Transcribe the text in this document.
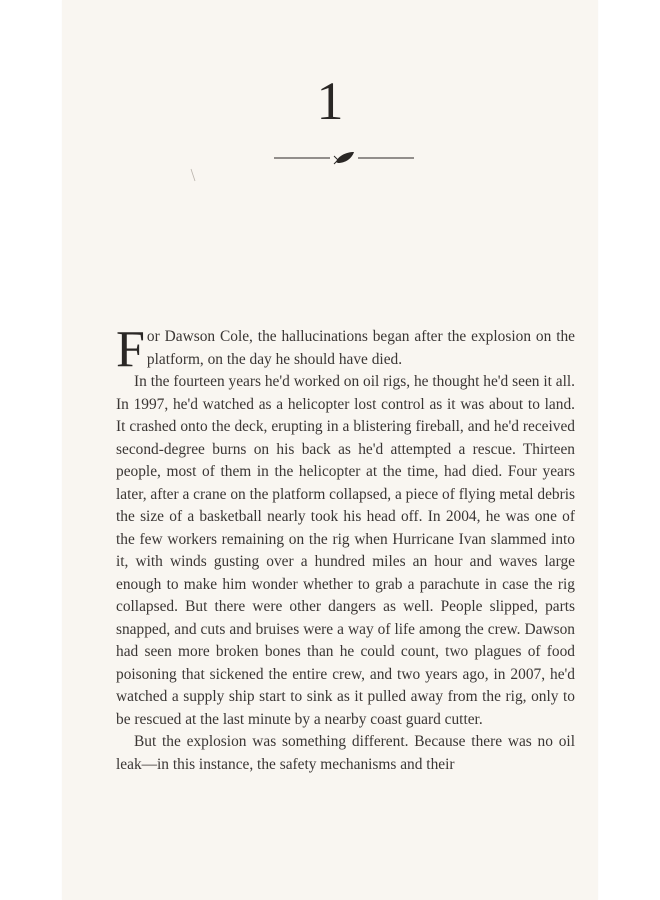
1

For Dawson Cole, the hallucinations began after the explosion on the platform, on the day he should have died.

In the fourteen years he'd worked on oil rigs, he thought he'd seen it all. In 1997, he'd watched as a helicopter lost control as it was about to land. It crashed onto the deck, erupting in a blistering fireball, and he'd received second-degree burns on his back as he'd attempted a rescue. Thirteen people, most of them in the helicopter at the time, had died. Four years later, after a crane on the platform collapsed, a piece of flying metal debris the size of a basketball nearly took his head off. In 2004, he was one of the few workers remaining on the rig when Hurricane Ivan slammed into it, with winds gusting over a hundred miles an hour and waves large enough to make him wonder whether to grab a parachute in case the rig collapsed. But there were other dangers as well. People slipped, parts snapped, and cuts and bruises were a way of life among the crew. Dawson had seen more broken bones than he could count, two plagues of food poisoning that sickened the entire crew, and two years ago, in 2007, he'd watched a supply ship start to sink as it pulled away from the rig, only to be rescued at the last minute by a nearby coast guard cutter.

But the explosion was something different. Because there was no oil leak—in this instance, the safety mechanisms and their
